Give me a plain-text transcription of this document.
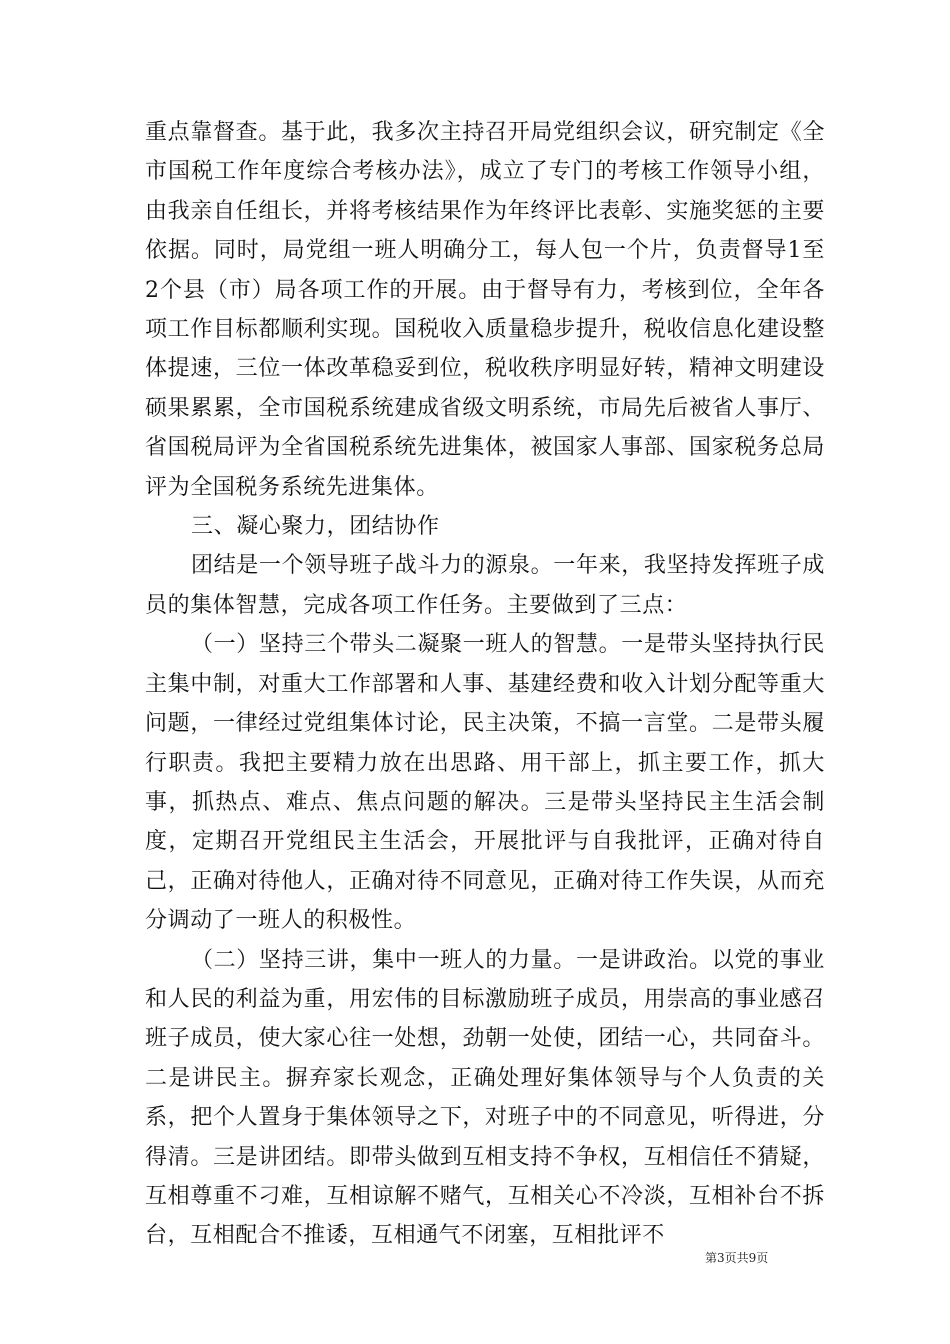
重点靠督查。基于此，我多次主持召开局党组织会议，研究制定《全市国税工作年度综合考核办法》，成立了专门的考核工作领导小组，由我亲自任组长，并将考核结果作为年终评比表彰、实施奖惩的主要依据。同时，局党组一班人明确分工，每人包一个片，负责督导1至2个县（市）局各项工作的开展。由于督导有力，考核到位，全年各项工作目标都顺利实现。国税收入质量稳步提升，税收信息化建设整体提速，三位一体改革稳妥到位，税收秩序明显好转，精神文明建设硕果累累，全市国税系统建成省级文明系统，市局先后被省人事厅、省国税局评为全省国税系统先进集体，被国家人事部、国家税务总局评为全国税务系统先进集体。

三、凝心聚力，团结协作

团结是一个领导班子战斗力的源泉。一年来，我坚持发挥班子成员的集体智慧，完成各项工作任务。主要做到了三点：

（一）坚持三个带头二凝聚一班人的智慧。一是带头坚持执行民主集中制，对重大工作部署和人事、基建经费和收入计划分配等重大问题，一律经过党组集体讨论，民主决策，不搞一言堂。二是带头履行职责。我把主要精力放在出思路、用干部上，抓主要工作，抓大事，抓热点、难点、焦点问题的解决。三是带头坚持民主生活会制度，定期召开党组民主生活会，开展批评与自我批评，正确对待自己，正确对待他人，正确对待不同意见，正确对待工作失误，从而充分调动了一班人的积极性。

（二）坚持三讲，集中一班人的力量。一是讲政治。以党的事业和人民的利益为重，用宏伟的目标激励班子成员，用崇高的事业感召班子成员，使大家心往一处想，劲朝一处使，团结一心，共同奋斗。二是讲民主。摒弃家长观念，正确处理好集体领导与个人负责的关系，把个人置身于集体领导之下，对班子中的不同意见，听得进，分得清。三是讲团结。即带头做到互相支持不争权，互相信任不猜疑，互相尊重不刁难，互相谅解不赌气，互相关心不冷淡，互相补台不拆台，互相配合不推诿，互相通气不闭塞，互相批评不

第3页共9页
